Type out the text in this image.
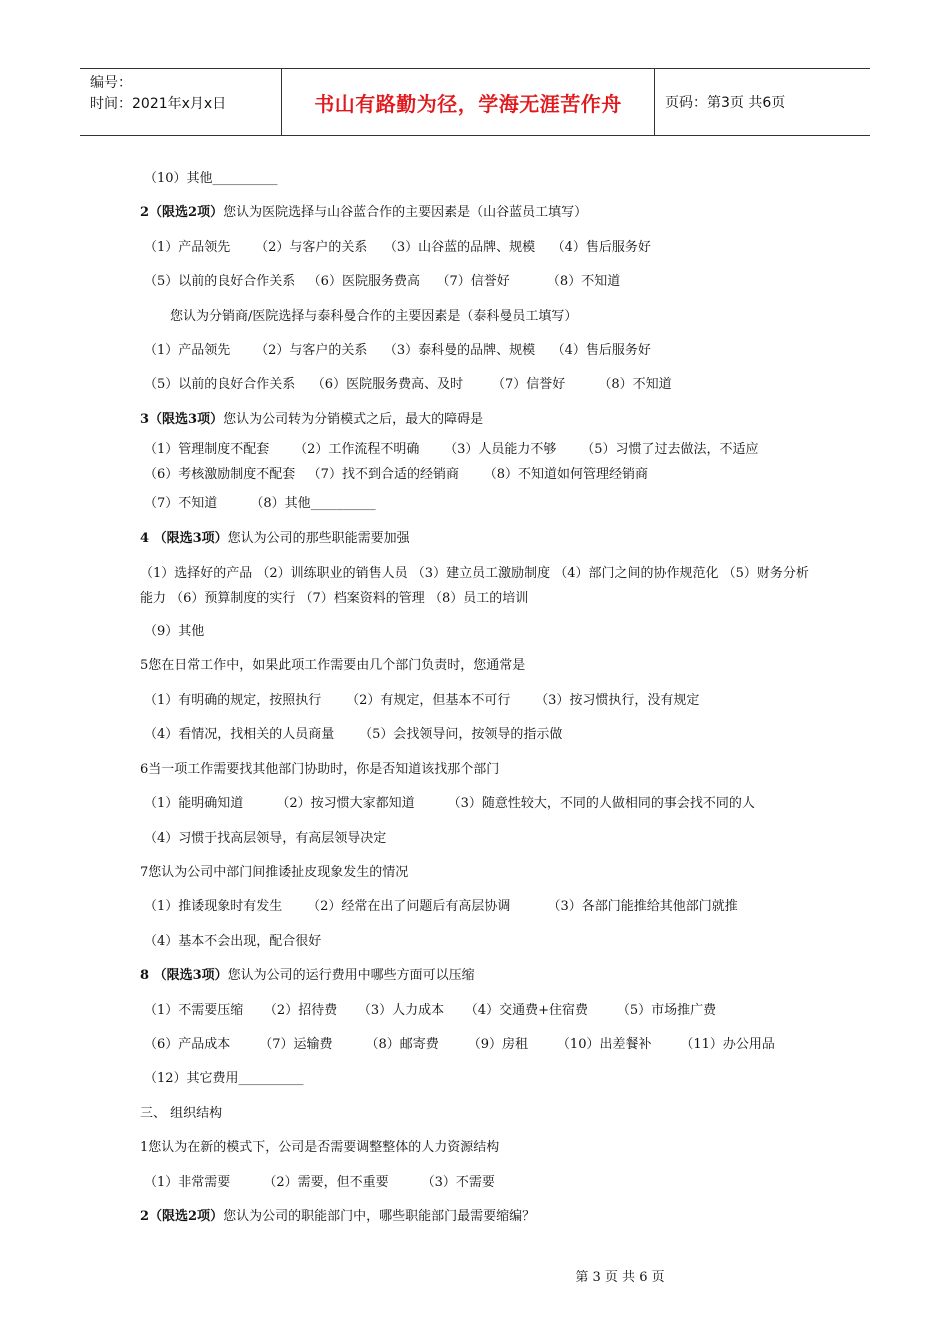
编号：
时间：2021年x月x日	书山有路勤为径，学海无涯苦作舟	页码：第3页 共6页
（10）其他__________
2（限选2项）您认为医院选择与山谷蓝合作的主要因素是（山谷蓝员工填写）
（1）产品领先      （2）与客户的关系    （3）山谷蓝的品牌、规模    （4）售后服务好
（5）以前的良好合作关系   （6）医院服务费高    （7）信誉好         （8）不知道
您认为分销商/医院选择与泰科曼合作的主要因素是（泰科曼员工填写）
（1）产品领先      （2）与客户的关系    （3）泰科曼的品牌、规模    （4）售后服务好
（5）以前的良好合作关系    （6）医院服务费高、及时       （7）信誉好        （8）不知道
3（限选3项）您认为公司转为分销模式之后，最大的障碍是
（1）管理制度不配套      （2）工作流程不明确      （3）人员能力不够      （5）习惯了过去做法，不适应
（6）考核激励制度不配套   （7）找不到合适的经销商      （8）不知道如何管理经销商
（7）不知道        （8）其他__________
4 （限选3项）您认为公司的那些职能需要加强
（1）选择好的产品 （2）训练职业的销售人员 （3）建立员工激励制度 （4）部门之间的协作规范化 （5）财务分析能力 （6）预算制度的实行 （7）档案资料的管理 （8）员工的培训
（9）其他
5您在日常工作中，如果此项工作需要由几个部门负责时，您通常是
（1）有明确的规定，按照执行      （2）有规定，但基本不可行      （3）按习惯执行，没有规定
（4）看情况，找相关的人员商量      （5）会找领导问，按领导的指示做
6当一项工作需要找其他部门协助时，你是否知道该找那个部门
（1）能明确知道        （2）按习惯大家都知道        （3）随意性较大，不同的人做相同的事会找不同的人
（4）习惯于找高层领导，有高层领导决定
7您认为公司中部门间推诿扯皮现象发生的情况
（1）推诿现象时有发生      （2）经常在出了问题后有高层协调         （3）各部门能推给其他部门就推
（4）基本不会出现，配合很好
8 （限选3项）您认为公司的运行费用中哪些方面可以压缩
（1）不需要压缩     （2）招待费     （3）人力成本     （4）交通费+住宿费       （5）市场推广费
（6）产品成本       （7）运输费        （8）邮寄费       （9）房租       （10）出差餐补       （11）办公用品
（12）其它费用__________
三、 组织结构
1您认为在新的模式下，公司是否需要调整整体的人力资源结构
（1）非常需要        （2）需要，但不重要        （3）不需要
2（限选2项）您认为公司的职能部门中，哪些职能部门最需要缩编？
第 3 页 共 6 页
